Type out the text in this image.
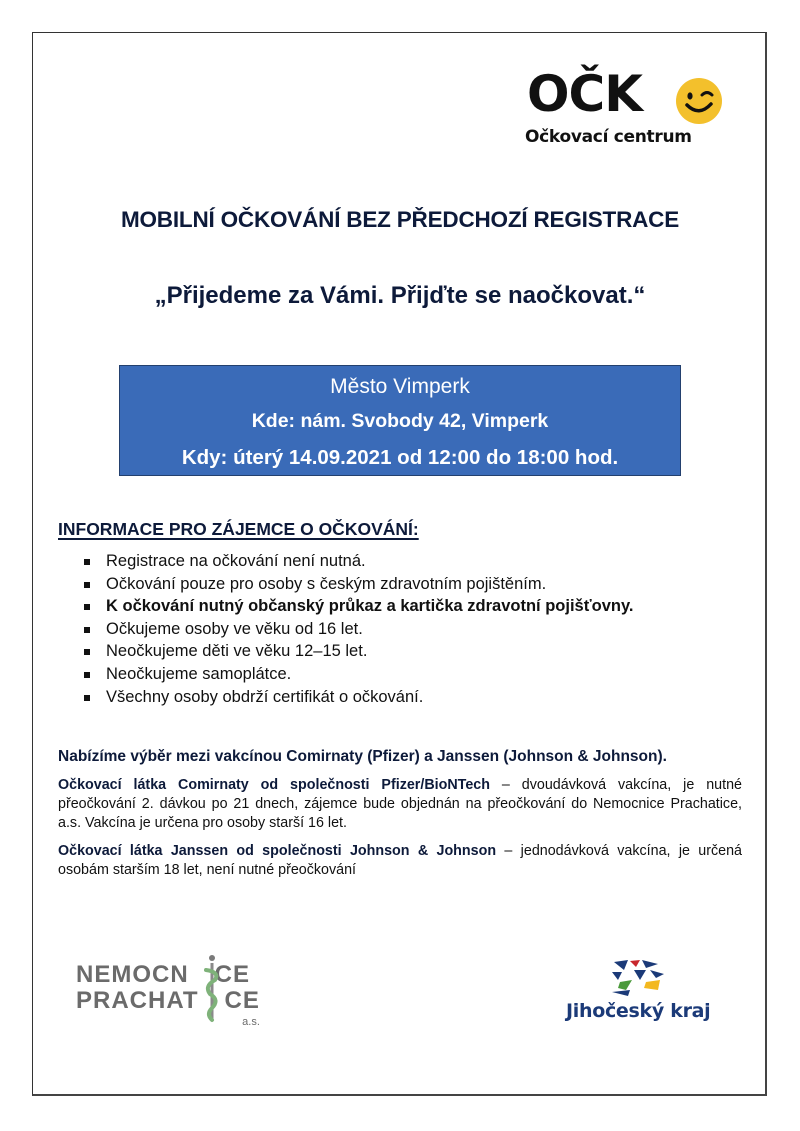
OČK
Očkovací centrum
MOBILNÍ OČKOVÁNÍ BEZ PŘEDCHOZÍ REGISTRACE
„Přijedeme za Vámi. Přijďte se naočkovat.“
Město Vimperk
Kde: nám. Svobody 42, Vimperk
Kdy: úterý 14.09.2021 od 12:00 do 18:00 hod.
INFORMACE PRO ZÁJEMCE O OČKOVÁNÍ:
Registrace na očkování není nutná.
Očkování pouze pro osoby s českým zdravotním pojištěním.
K očkování nutný občanský průkaz a kartička zdravotní pojišťovny.
Očkujeme osoby ve věku od 16 let.
Neočkujeme děti ve věku 12–15 let.
Neočkujeme samoplátce.
Všechny osoby obdrží certifikát o očkování.
Nabízíme výběr mezi vakcínou Comirnaty (Pfizer) a Janssen (Johnson & Johnson).
Očkovací látka Comirnaty od společnosti Pfizer/BioNTech – dvoudávková vakcína, je nutné přeočkování 2. dávkou po 21 dnech, zájemce bude objednán na přeočkování do Nemocnice Prachatice, a.s. Vakcína je určena pro osoby starší 16 let.
Očkovací látka Janssen od společnosti Johnson & Johnson – jednodávková vakcína, je určená osobám starším 18 let, není nutné přeočkování
NEMOCN CE
PRACHAT CE
a.s.	Jihočeský kraj
